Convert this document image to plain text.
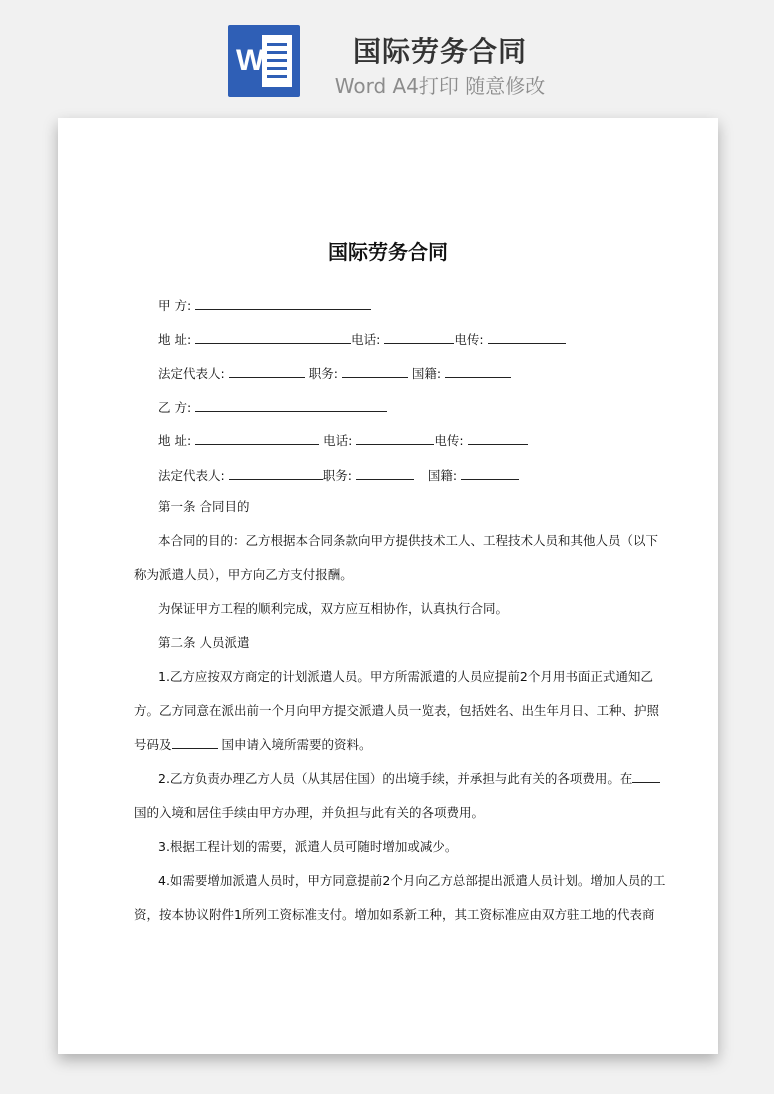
W	国际劳务合同
Word A4打印 随意修改
​
国际劳务合同
甲 方:
地 址:	电话:	电传:
法定代表人:	职务:	国籍:
乙 方:
地 址:	电话:	电传:
法定代表人:	职务:	国籍:
第一条 合同目的
本合同的目的：乙方根据本合同条款向甲方提供技术工人、工程技术人员和其他人员（以下
称为派遣人员），甲方向乙方支付报酬。
为保证甲方工程的顺利完成，双方应互相协作，认真执行合同。
第二条 人员派遣
1.乙方应按双方商定的计划派遣人员。甲方所需派遣的人员应提前2个月用书面正式通知乙
方。乙方同意在派出前一个月向甲方提交派遣人员一览表，包括姓名、出生年月日、工种、护照
号码及	国申请入境所需要的资料。
2.乙方负责办理乙方人员（从其居住国）的出境手续，并承担与此有关的各项费用。在
国的入境和居住手续由甲方办理，并负担与此有关的各项费用。
3.根据工程计划的需要，派遣人员可随时增加或减少。
4.如需要增加派遣人员时，甲方同意提前2个月向乙方总部提出派遣人员计划。增加人员的工
资，按本协议附件1所列工资标准支付。增加如系新工种，其工资标准应由双方驻工地的代表商
